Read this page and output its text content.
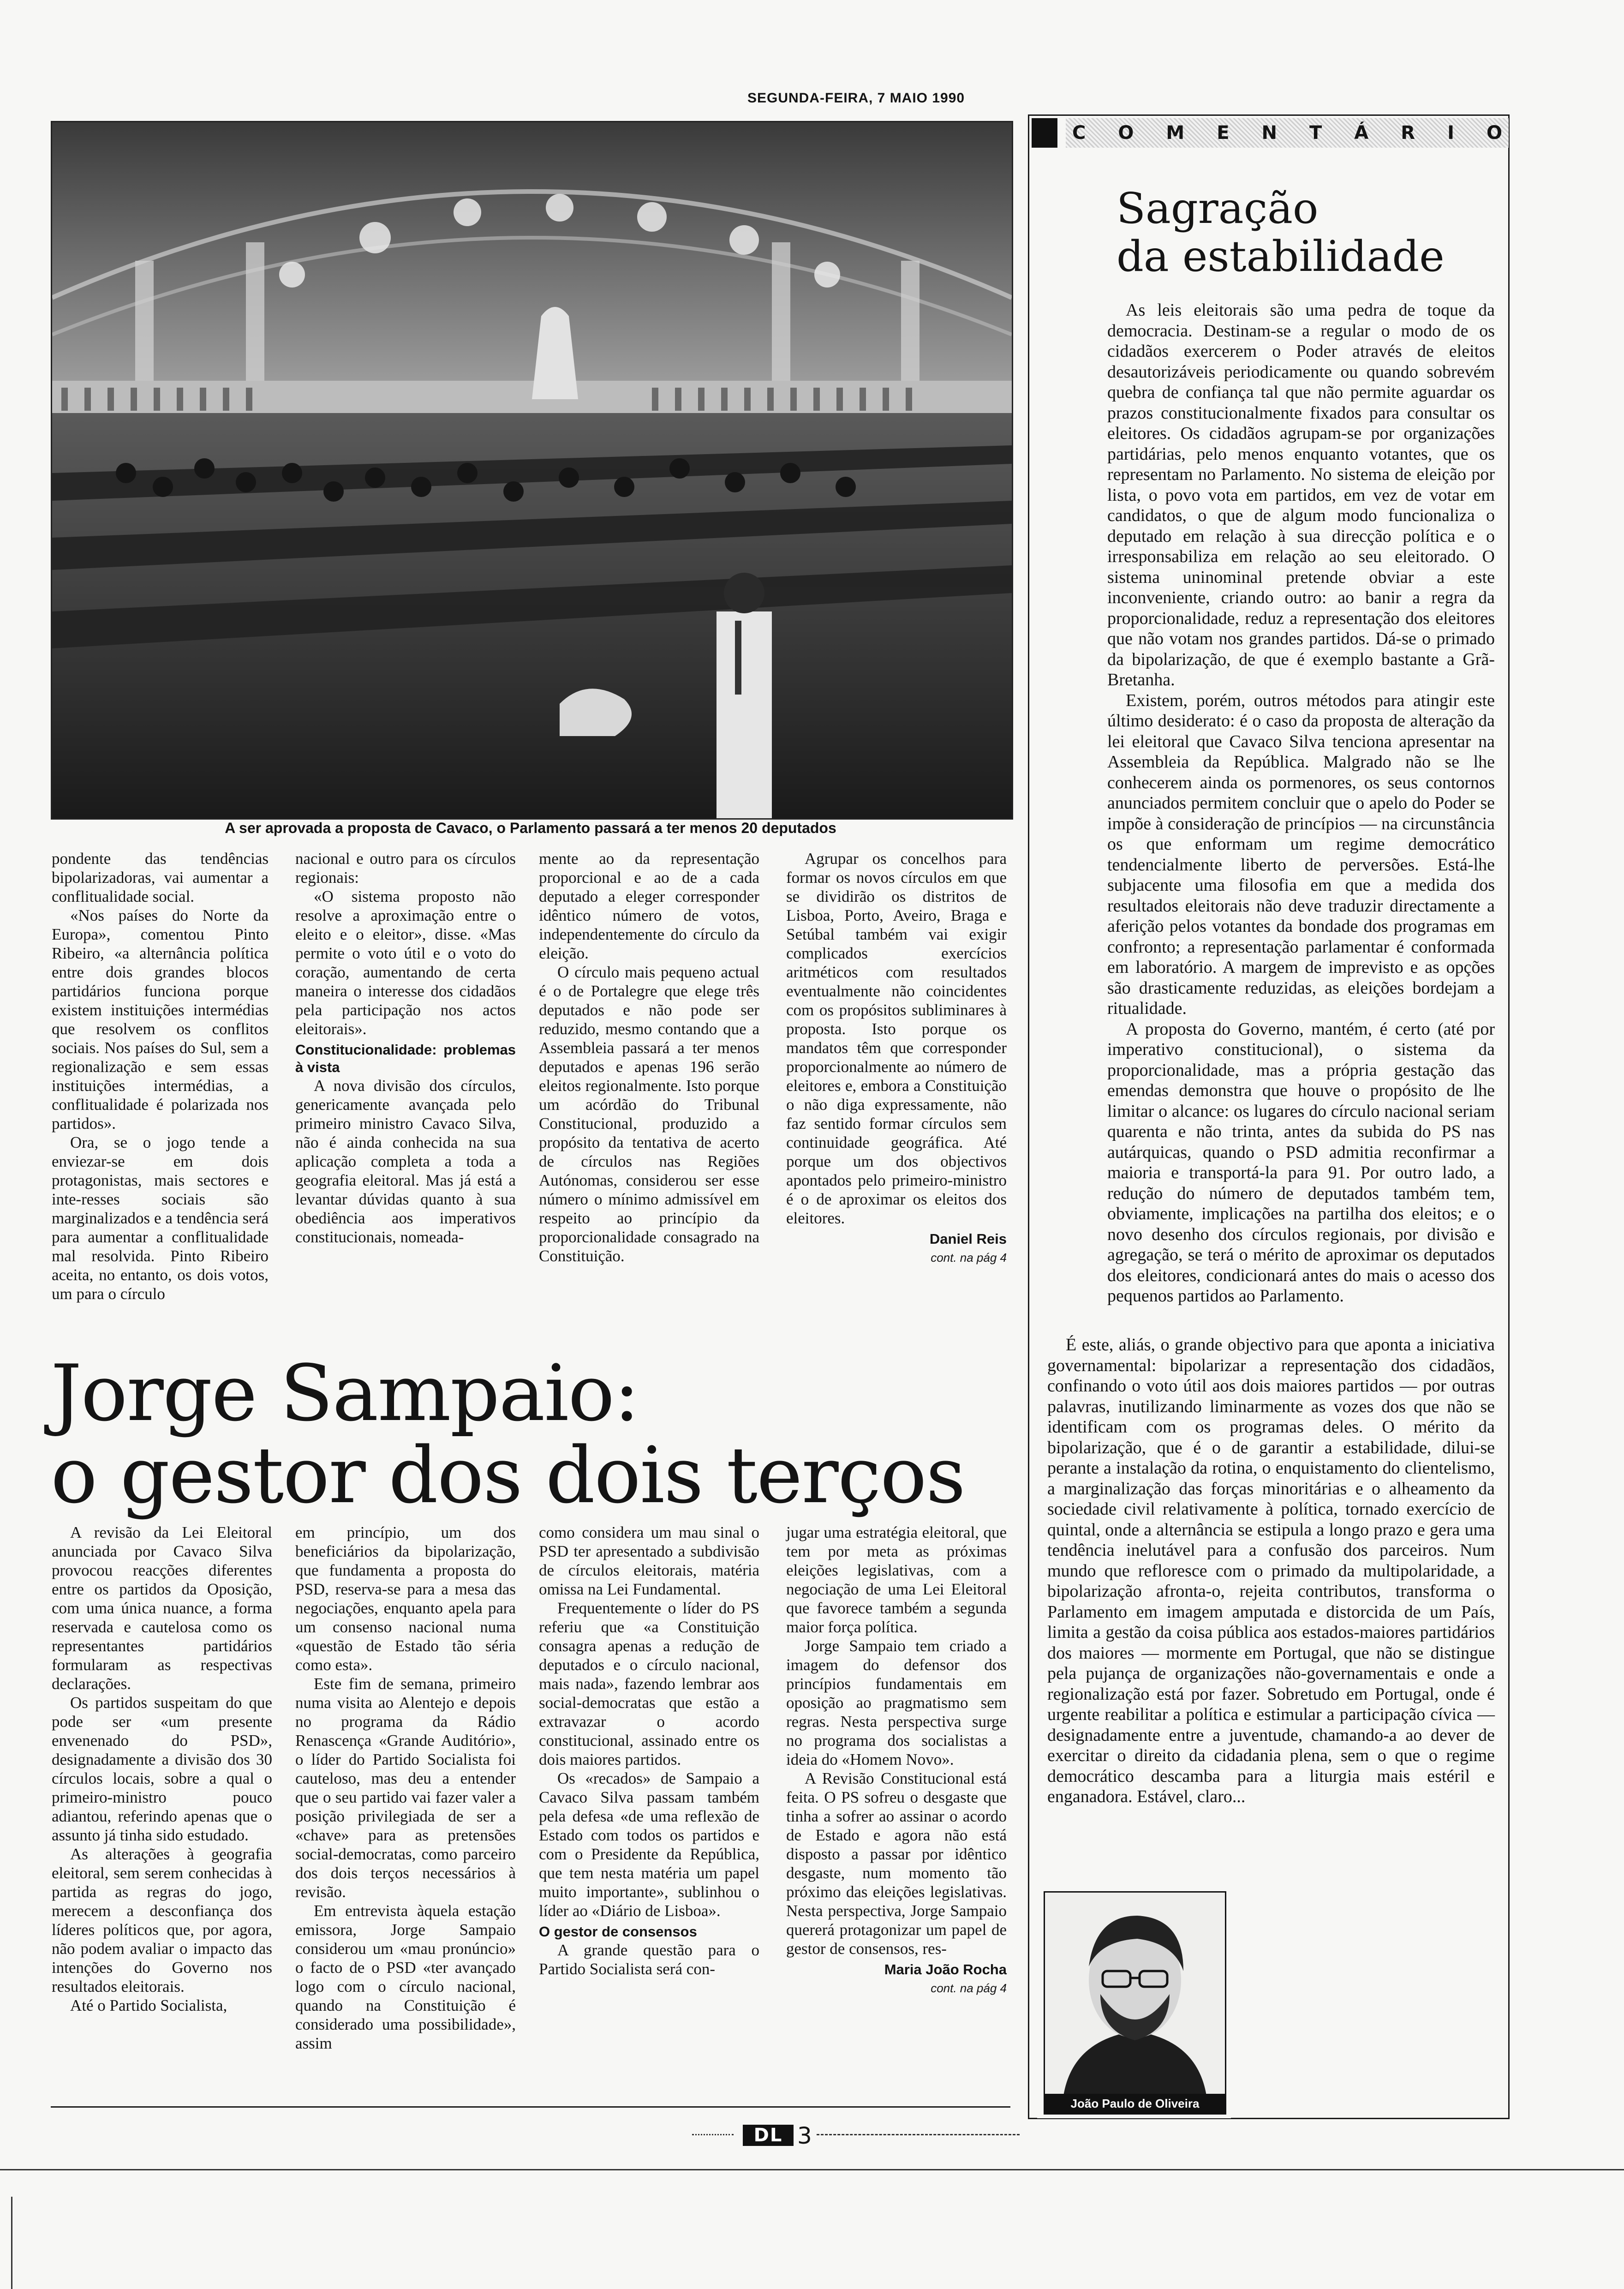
SEGUNDA-FEIRA, 7 MAIO 1990
A ser aprovada a proposta de Cavaco, o Parlamento passará a ter menos 20 deputados

pondente das tendências bipolarizadoras, vai aumentar a conflitualidade social.

«Nos países do Norte da Europa», comentou Pinto Ribeiro, «a alternância política entre dois grandes blocos partidários funciona porque existem instituições intermédias que resolvem os conflitos sociais. Nos países do Sul, sem a regionalização e sem essas instituições intermédias, a conflitualidade é polarizada nos partidos».

Ora, se o jogo tende a enviezar-se em dois protagonistas, mais sectores e inte-resses sociais são marginalizados e a tendência será para aumentar a conflitualidade mal resolvida. Pinto Ribeiro aceita, no entanto, os dois votos, um para o círculo

nacional e outro para os círculos regionais:

«O sistema proposto não resolve a aproximação entre o eleito e o eleitor», disse. «Mas permite o voto útil e o voto do coração, aumentando de certa maneira o interesse dos cidadãos pela participação nos actos eleitorais».

Constitucionalidade: problemas à vista

A nova divisão dos círculos, genericamente avançada pelo primeiro ministro Cavaco Silva, não é ainda conhecida na sua aplicação completa a toda a geografia eleitoral. Mas já está a levantar dúvidas quanto à sua obediência aos imperativos constitucionais, nomeada-

mente ao da representação proporcional e ao de a cada deputado a eleger corresponder idêntico número de votos, independentemente do círculo da eleição.

O círculo mais pequeno actual é o de Portalegre que elege três deputados e não pode ser reduzido, mesmo contando que a Assembleia passará a ter menos deputados e apenas 196 serão eleitos regionalmente. Isto porque um acórdão do Tribunal Constitucional, produzido a propósito da tentativa de acerto de círculos nas Regiões Autónomas, considerou ser esse número o mínimo admissível em respeito ao princípio da proporcionalidade consagrado na Constituição.

Agrupar os concelhos para formar os novos círculos em que se dividirão os distritos de Lisboa, Porto, Aveiro, Braga e Setúbal também vai exigir complicados exercícios aritméticos com resultados eventualmente não coincidentes com os propósitos subliminares à proposta. Isto porque os mandatos têm que corresponder proporcionalmente ao número de eleitores e, embora a Constituição o não diga expressamente, não faz sentido formar círculos sem continuidade geográfica. Até porque um dos objectivos apontados pelo primeiro-ministro é o de aproximar os eleitos dos eleitores.

Daniel Reis
cont. na pág 4
Jorge Sampaio:
o gestor dos dois terços

A revisão da Lei Eleitoral anunciada por Cavaco Silva provocou reacções diferentes entre os partidos da Oposição, com uma única nuance, a forma reservada e cautelosa como os representantes partidários formularam as respectivas declarações.

Os partidos suspeitam do que pode ser «um presente envenenado do PSD», designadamente a divisão dos 30 círculos locais, sobre a qual o primeiro-ministro pouco adiantou, referindo apenas que o assunto já tinha sido estudado.

As alterações à geografia eleitoral, sem serem conhecidas à partida as regras do jogo, merecem a desconfiança dos líderes políticos que, por agora, não podem avaliar o impacto das intenções do Governo nos resultados eleitorais.

Até o Partido Socialista,

em princípio, um dos beneficiários da bipolarização, que fundamenta a proposta do PSD, reserva-se para a mesa das negociações, enquanto apela para um consenso nacional numa «questão de Estado tão séria como esta».

Este fim de semana, primeiro numa visita ao Alentejo e depois no programa da Rádio Renascença «Grande Auditório», o líder do Partido Socialista foi cauteloso, mas deu a entender que o seu partido vai fazer valer a posição privilegiada de ser a «chave» para as pretensões social-democratas, como parceiro dos dois terços necessários à revisão.

Em entrevista àquela estação emissora, Jorge Sampaio considerou um «mau pronúncio» o facto de o PSD «ter avançado logo com o círculo nacional, quando na Constituição é considerado uma possibilidade», assim

como considera um mau sinal o PSD ter apresentado a subdivisão de círculos eleitorais, matéria omissa na Lei Fundamental.

Frequentemente o líder do PS referiu que «a Constituição consagra apenas a redução de deputados e o círculo nacional, mais nada», fazendo lembrar aos social-democratas que estão a extravazar o acordo constitucional, assinado entre os dois maiores partidos.

Os «recados» de Sampaio a Cavaco Silva passam também pela defesa «de uma reflexão de Estado com todos os partidos e com o Presidente da República, que tem nesta matéria um papel muito importante», sublinhou o líder ao «Diário de Lisboa».

O gestor de consensos

A grande questão para o Partido Socialista será con-

jugar uma estratégia eleitoral, que tem por meta as próximas eleições legislativas, com a negociação de uma Lei Eleitoral que favorece também a segunda maior força política.

Jorge Sampaio tem criado a imagem do defensor dos princípios fundamentais em oposição ao pragmatismo sem regras. Nesta perspectiva surge no programa dos socialistas a ideia do «Homem Novo».

A Revisão Constitucional está feita. O PS sofreu o desgaste que tinha a sofrer ao assinar o acordo de Estado e agora não está disposto a passar por idêntico desgaste, num momento tão próximo das eleições legislativas. Nesta perspectiva, Jorge Sampaio quererá protagonizar um papel de gestor de consensos, res-

Maria João Rocha
cont. na pág 4
C	O	M	E	N	T	Á	R	I	O
Sagração
da estabilidade

As leis eleitorais são uma pedra de toque da democracia. Destinam-se a regular o modo de os cidadãos exercerem o Poder através de eleitos desautorizáveis periodicamente ou quando sobrevém quebra de confiança tal que não permite aguardar os prazos constitucionalmente fixados para consultar os eleitores. Os cidadãos agrupam-se por organizações partidárias, pelo menos enquanto votantes, que os representam no Parlamento. No sistema de eleição por lista, o povo vota em partidos, em vez de votar em candidatos, o que de algum modo funcionaliza o deputado em relação à sua direcção política e o irresponsabiliza em relação ao seu eleitorado. O sistema uninominal pretende obviar a este inconveniente, criando outro: ao banir a regra da proporcionalidade, reduz a representação dos eleitores que não votam nos grandes partidos. Dá-se o primado da bipolarização, de que é exemplo bastante a Grã-Bretanha.

Existem, porém, outros métodos para atingir este último desiderato: é o caso da proposta de alteração da lei eleitoral que Cavaco Silva tenciona apresentar na Assembleia da República. Malgrado não se lhe conhecerem ainda os pormenores, os seus contornos anunciados permitem concluir que o apelo do Poder se impõe à consideração de princípios — na circunstância os que enformam um regime democrático tendencialmente liberto de perversões. Está-lhe subjacente uma filosofia em que a medida dos resultados eleitorais não deve traduzir directamente a aferição pelos votantes da bondade dos programas em confronto; a representação parlamentar é conformada em laboratório. A margem de imprevisto e as opções são drasticamente reduzidas, as eleições bordejam a ritualidade.

A proposta do Governo, mantém, é certo (até por imperativo constitucional), o sistema da proporcionalidade, mas a própria gestação das emendas demonstra que houve o propósito de lhe limitar o alcance: os lugares do círculo nacional seriam quarenta e não trinta, antes da subida do PS nas autárquicas, quando o PSD admitia reconfirmar a maioria e transportá-la para 91. Por outro lado, a redução do número de deputados também tem, obviamente, implicações na partilha dos eleitos; e o novo desenho dos círculos regionais, por divisão e agregação, se terá o mérito de aproximar os deputados dos eleitores, condicionará antes do mais o acesso dos pequenos partidos ao Parlamento.

É este, aliás, o grande objectivo para que aponta a iniciativa governamental: bipolarizar a representação dos cidadãos, confinando o voto útil aos dois maiores partidos — por outras palavras, inutilizando liminarmente as vozes dos que não se identificam com os programas deles. O mérito da bipolarização, que é o de garantir a estabilidade, dilui-se perante a instalação da rotina, o enquistamento do clientelismo, a marginalização das forças minoritárias e o alheamento da sociedade civil relativamente à política, tornado exercício de quintal, onde a alternância se estipula a longo prazo e gera uma tendência inelutável para a confusão dos parceiros. Num mundo que refloresce com o primado da multipolaridade, a bipolarização afronta-o, rejeita contributos, transforma o Parlamento em imagem amputada e distorcida de um País, limita a gestão da coisa pública aos estados-maiores partidários dos maiores — mormente em Portugal, que não se distingue pela pujança de organizações não-governamentais e onde a regionalização está por fazer. Sobretudo em Portugal, onde é urgente reabilitar a política e estimular a participação cívica — designadamente entre a juventude, chamando-a ao dever de exercitar o direito da cidadania plena, sem o que o regime democrático descamba para a liturgia mais estéril e enganadora. Estável, claro...

João Paulo de Oliveira
DL 3
